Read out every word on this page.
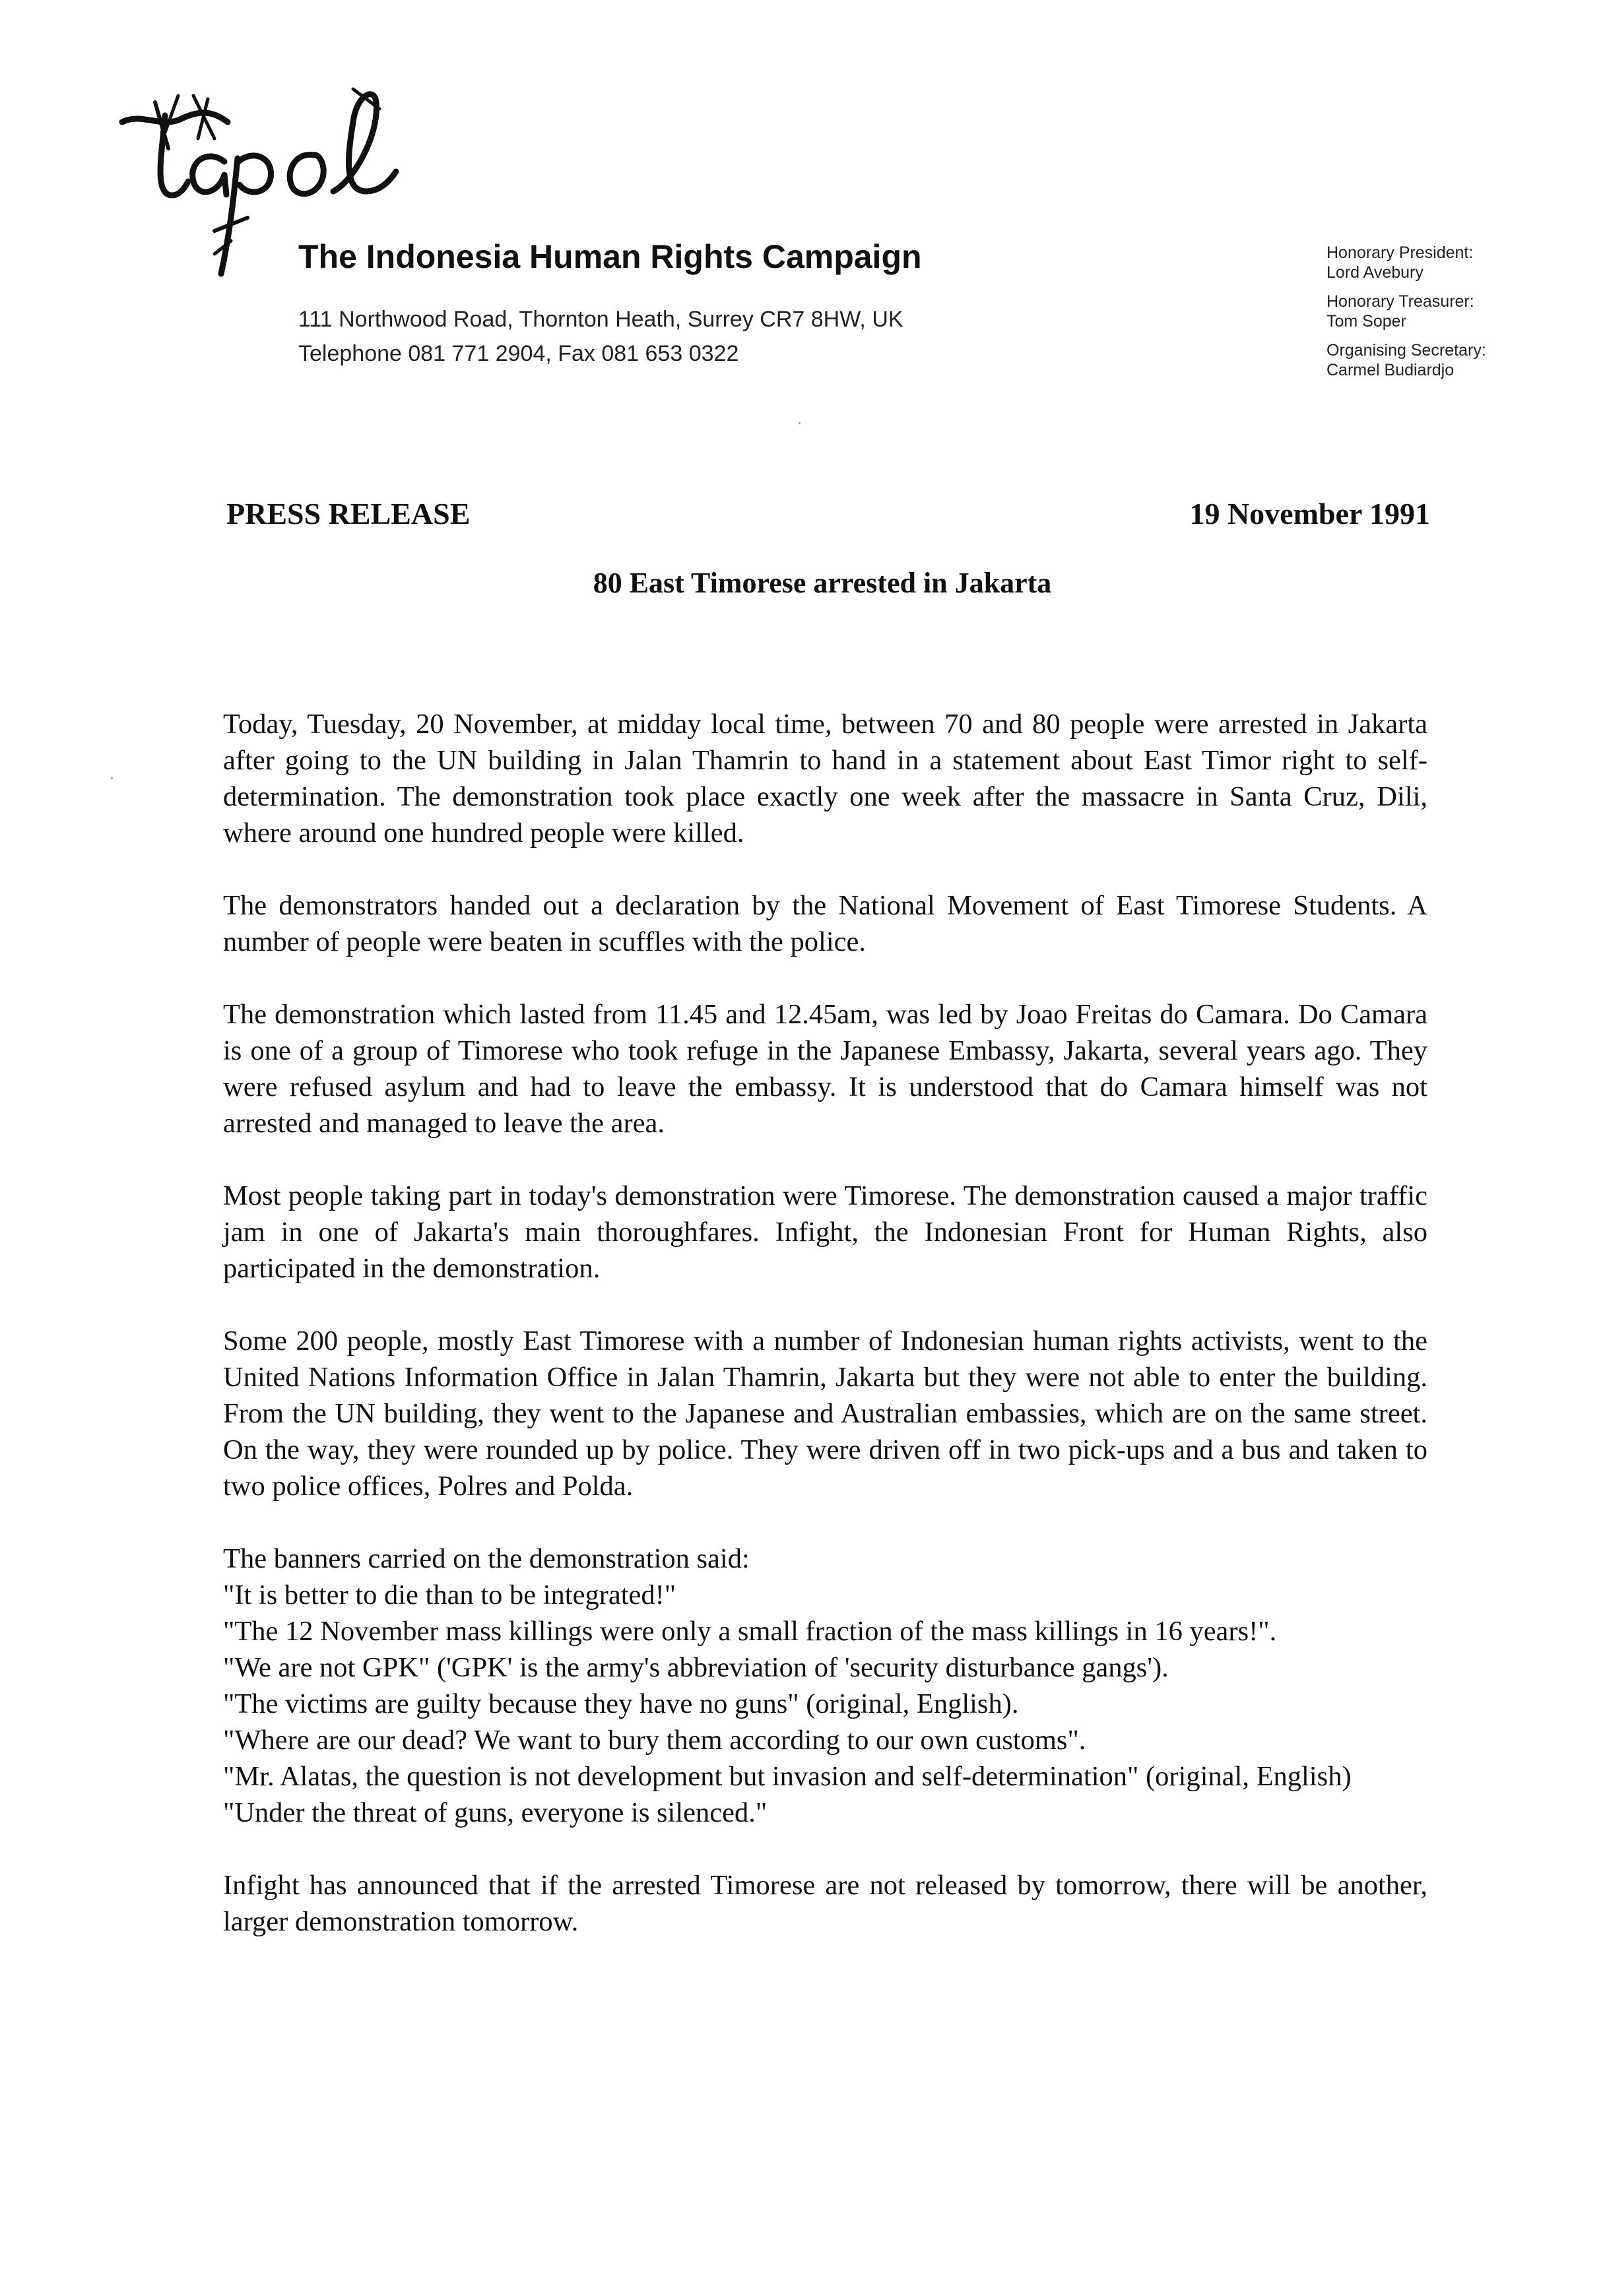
The Indonesia Human Rights Campaign
111 Northwood Road, Thornton Heath, Surrey CR7 8HW, UK
Telephone 081 771 2904, Fax 081 653 0322
Honorary President:
Lord Avebury
Honorary Treasurer:
Tom Soper
Organising Secretary:
Carmel Budiardjo
PRESS RELEASE	19 November 1991
80 East Timorese arrested in Jakarta

Today, Tuesday, 20 November, at midday local time, between 70 and 80 people were arrested in Jakarta after going to the UN building in Jalan Thamrin to hand in a statement about East Timor right to self-determination. The demonstration took place exactly one week after the massacre in Santa Cruz, Dili, where around one hundred people were killed.

The demonstrators handed out a declaration by the National Movement of East Timorese Students. A number of people were beaten in scuffles with the police.

The demonstration which lasted from 11.45 and 12.45am, was led by Joao Freitas do Camara. Do Camara is one of a group of Timorese who took refuge in the Japanese Embassy, Jakarta, several years ago. They were refused asylum and had to leave the embassy. It is understood that do Camara himself was not arrested and managed to leave the area.

Most people taking part in today's demonstration were Timorese. The demonstration caused a major traffic jam in one of Jakarta's main thoroughfares. Infight, the Indonesian Front for Human Rights, also participated in the demonstration.

Some 200 people, mostly East Timorese with a number of Indonesian human rights activists, went to the United Nations Information Office in Jalan Thamrin, Jakarta but they were not able to enter the building. From the UN building, they went to the Japanese and Australian embassies, which are on the same street. On the way, they were rounded up by police. They were driven off in two pick-ups and a bus and taken to two police offices, Polres and Polda.

The banners carried on the demonstration said:
"It is better to die than to be integrated!"
"The 12 November mass killings were only a small fraction of the mass killings in 16 years!".
"We are not GPK" ('GPK' is the army's abbreviation of 'security disturbance gangs').
"The victims are guilty because they have no guns" (original, English).
"Where are our dead? We want to bury them according to our own customs".
"Mr. Alatas, the question is not development but invasion and self-determination" (original, English)
"Under the threat of guns, everyone is silenced."

Infight has announced that if the arrested Timorese are not released by tomorrow, there will be another, larger demonstration tomorrow.
